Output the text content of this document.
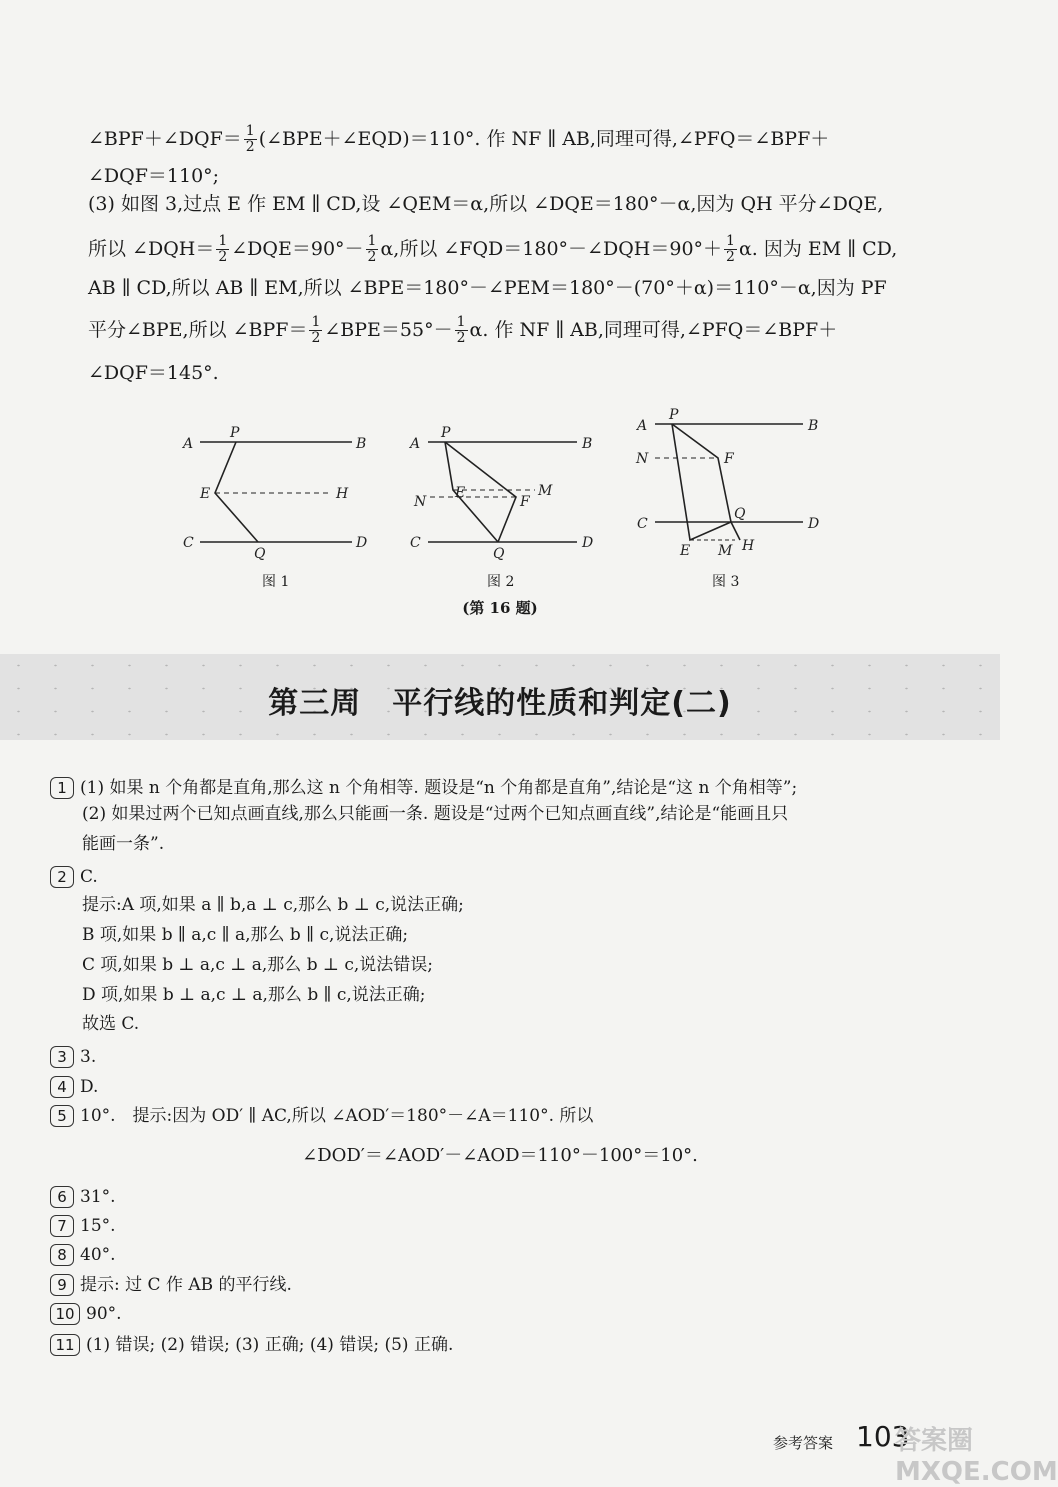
∠BPF＋∠DQF＝ $\frac{1}{2}$ (∠BPE＋∠EQD)＝110°. 作 NF ∥ AB,同理可得,∠PFQ＝∠BPF＋
∠DQF＝110°;
(3) 如图 3,过点 E 作 EM ∥ CD,设 ∠QEM＝α,所以 ∠DQE＝180°－α,因为 QH 平分∠DQE,
所以 ∠DQH＝ $\frac{1}{2}$ ∠DQE＝90°－ $\frac{1}{2} \alpha$,所以 ∠FQD＝180°－∠DQH＝90°＋ $\frac{1}{2} \alpha$. 因为 EM ∥ CD,
AB ∥ CD,所以 AB ∥ EM,所以 ∠BPE＝180°－∠PEM＝180°－(70°＋α)＝110°－α,因为 PF
平分∠BPE,所以 ∠BPF＝ $\frac{1}{2}$ ∠BPE＝55°－ $\frac{1}{2} \alpha$. 作 NF ∥ AB,同理可得,∠PFQ＝∠BPF＋
∠DQF＝145°.
A
P
B
E	H
C
Q
D
A
P
B
E	M
N	F
C
Q
D
A
P
B
N	F
C
Q
D
E M H
图 1	图 2	图 3
(第 16 题)
第三周　平行线的性质和判定(二)
1 (1) 如果 n 个角都是直角,那么这 n 个角相等. 题设是“n 个角都是直角”,结论是“这 n 个角相等”;
(2) 如果过两个已知点画直线,那么只能画一条. 题设是“过两个已知点画直线”,结论是“能画且只
能画一条”.
2 C.
提示:A 项,如果 a ∥ b,a ⊥ c,那么 b ⊥ c,说法正确;
B 项,如果 b ∥ a,c ∥ a,那么 b ∥ c,说法正确;
C 项,如果 b ⊥ a,c ⊥ a,那么 b ⊥ c,说法错误;
D 项,如果 b ⊥ a,c ⊥ a,那么 b ∥ c,说法正确;
故选 C.
3 3.
4 D.
5 10°.　提示:因为 OD′ ∥ AC,所以 ∠AOD′＝180°－∠A＝110°. 所以
∠DOD′＝∠AOD′－∠AOD＝110°－100°＝10°.
6 31°.
7 15°.
8 40°.
9 提示: 过 C 作 AB 的平行线.
10 90°.
11 (1) 错误; (2) 错误; (3) 正确; (4) 错误; (5) 正确.
参考答案 103
答案圈 MXQE.COM
